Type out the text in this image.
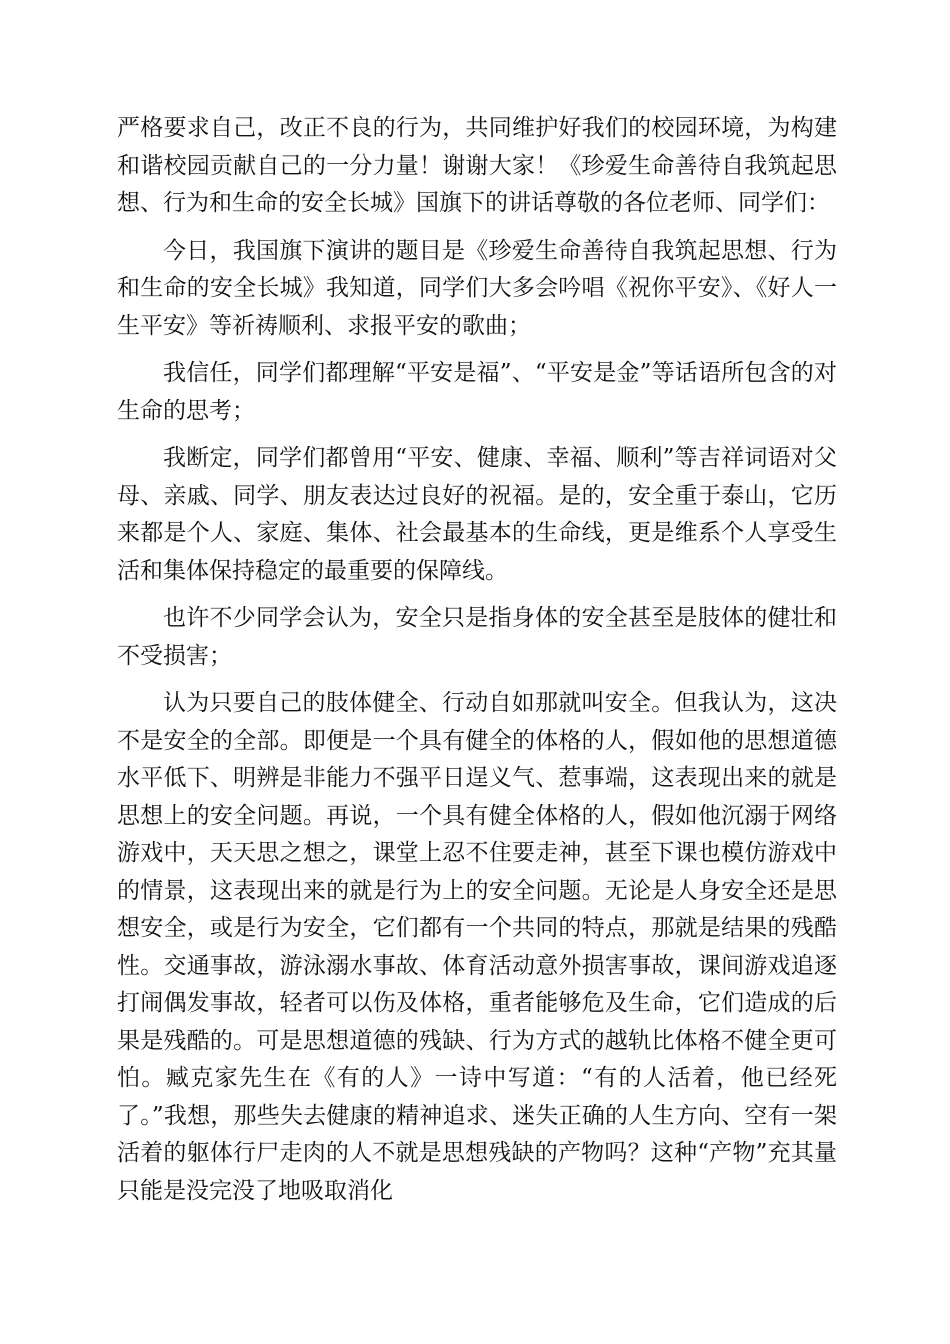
严格要求自己，改正不良的行为，共同维护好我们的校园环境，为构建和谐校园贡献自己的一分力量！谢谢大家！《珍爱生命善待自我筑起思想、行为和生命的安全长城》国旗下的讲话尊敬的各位老师、同学们：

今日，我国旗下演讲的题目是《珍爱生命善待自我筑起思想、行为和生命的安全长城》我知道，同学们大多会吟唱《祝你平安》、《好人一生平安》等祈祷顺利、求报平安的歌曲；

我信任，同学们都理解“平安是福”、“平安是金”等话语所包含的对生命的思考；

我断定，同学们都曾用“平安、健康、幸福、顺利”等吉祥词语对父母、亲戚、同学、朋友表达过良好的祝福。是的，安全重于泰山，它历来都是个人、家庭、集体、社会最基本的生命线，更是维系个人享受生活和集体保持稳定的最重要的保障线。

也许不少同学会认为，安全只是指身体的安全甚至是肢体的健壮和不受损害；

认为只要自己的肢体健全、行动自如那就叫安全。但我认为，这决不是安全的全部。即便是一个具有健全的体格的人，假如他的思想道德水平低下、明辨是非能力不强平日逞义气、惹事端，这表现出来的就是思想上的安全问题。再说，一个具有健全体格的人，假如他沉溺于网络游戏中，天天思之想之，课堂上忍不住要走神，甚至下课也模仿游戏中的情景，这表现出来的就是行为上的安全问题。无论是人身安全还是思想安全，或是行为安全，它们都有一个共同的特点，那就是结果的残酷性。交通事故，游泳溺水事故、体育活动意外损害事故，课间游戏追逐打闹偶发事故，轻者可以伤及体格，重者能够危及生命，它们造成的后果是残酷的。可是思想道德的残缺、行为方式的越轨比体格不健全更可怕。臧克家先生在《有的人》一诗中写道：“有的人活着，他已经死了。”我想，那些失去健康的精神追求、迷失正确的人生方向、空有一架活着的躯体行尸走肉的人不就是思想残缺的产物吗？这种“产物”充其量只能是没完没了地吸取消化
